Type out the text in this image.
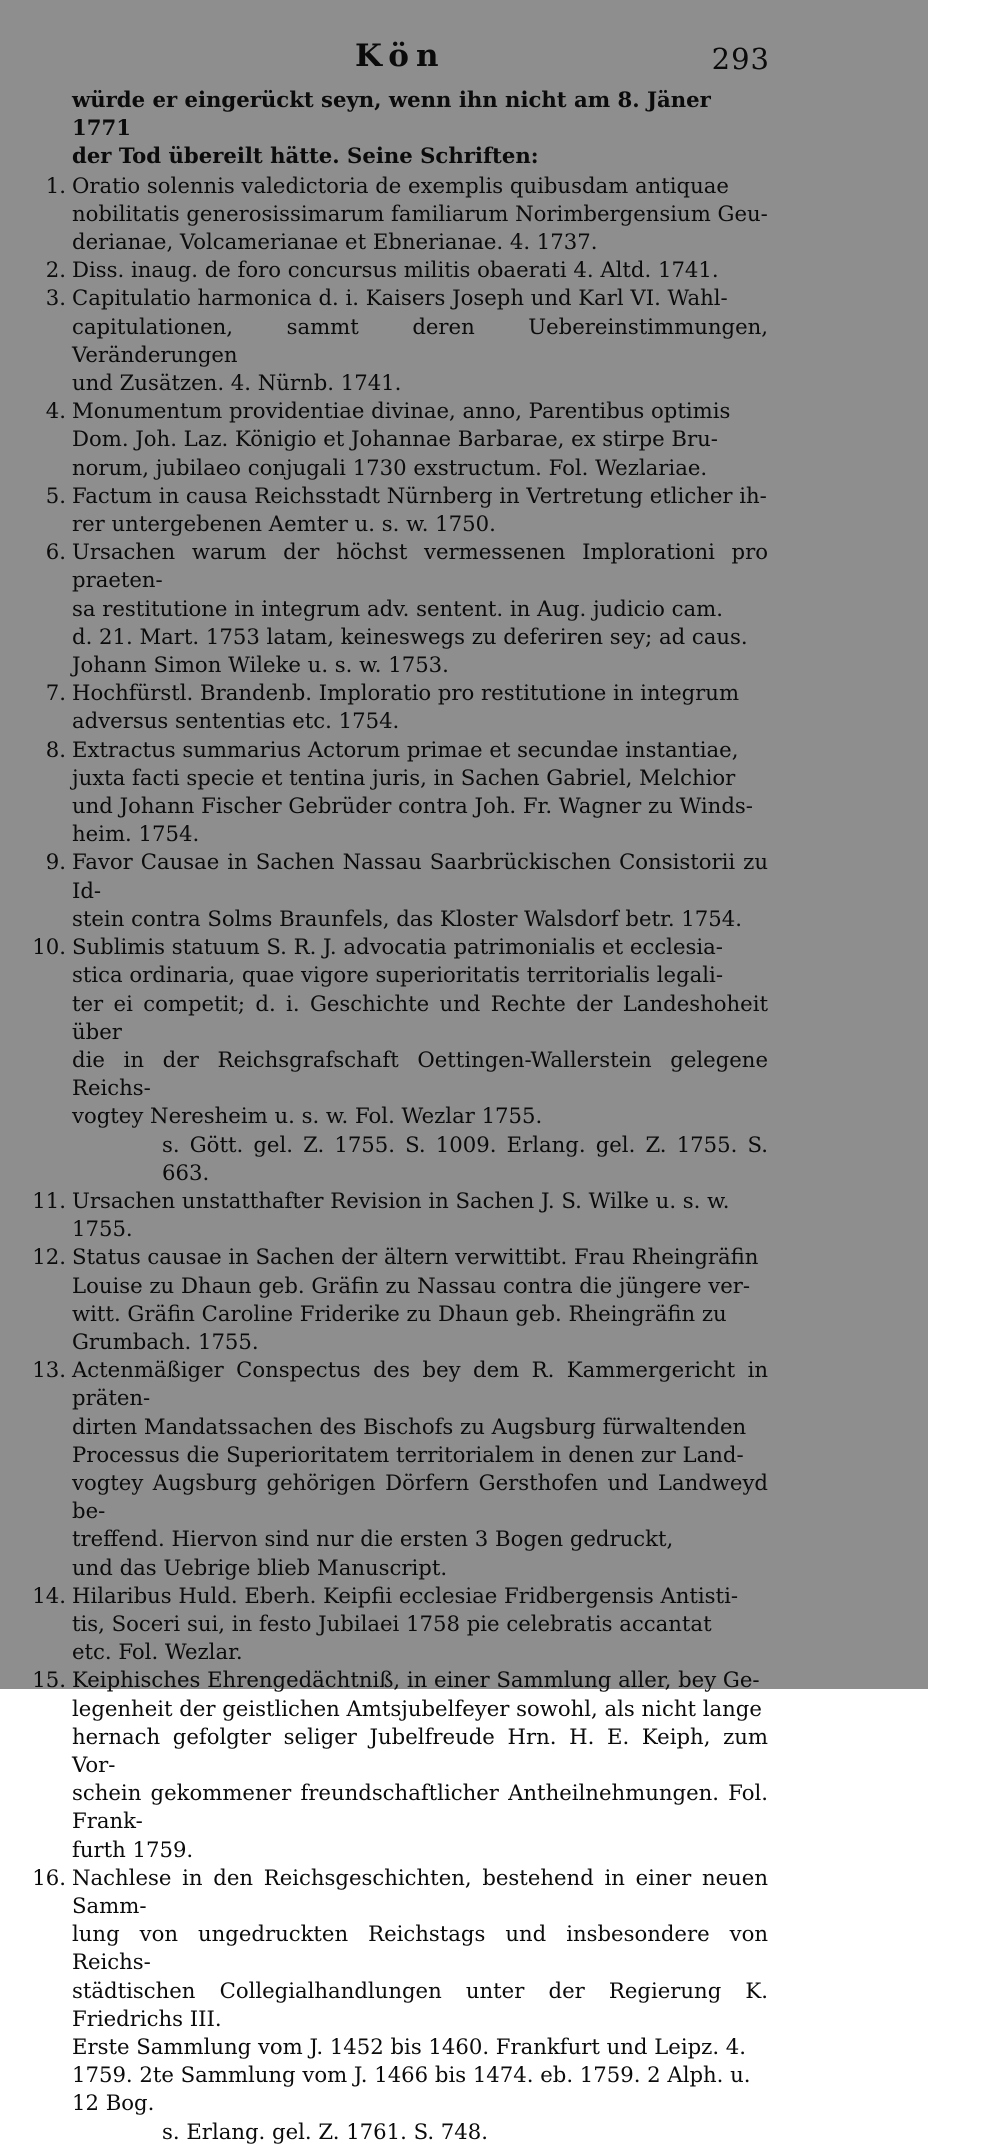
Kön	293
würde er eingerückt seyn, wenn ihn nicht am 8. Jäner 1771
der Tod übereilt hätte. Seine Schriften:
1. Oratio solennis valedictoria de exemplis quibusdam antiquae
nobilitatis generosissimarum familiarum Norimbergensium Geu-
derianae, Volcamerianae et Ebnerianae. 4. 1737.
2. Diss. inaug. de foro concursus militis obaerati 4. Altd. 1741.
3. Capitulatio harmonica d. i. Kaisers Joseph und Karl VI. Wahl-
capitulationen, sammt deren Uebereinstimmungen, Veränderungen
und Zusätzen. 4. Nürnb. 1741.
4. Monumentum providentiae divinae, anno, Parentibus optimis
Dom. Joh. Laz. Königio et Johannae Barbarae, ex stirpe Bru-
norum, jubilaeo conjugali 1730 exstructum. Fol. Wezlariae.
5. Factum in causa Reichsstadt Nürnberg in Vertretung etlicher ih-
rer untergebenen Aemter u. s. w. 1750.
6. Ursachen warum der höchst vermessenen Implorationi pro praeten-
sa restitutione in integrum adv. sentent. in Aug. judicio cam.
d. 21. Mart. 1753 latam, keineswegs zu deferiren sey; ad caus.
Johann Simon Wileke u. s. w. 1753.
7. Hochfürstl. Brandenb. Imploratio pro restitutione in integrum
adversus sententias etc. 1754.
8. Extractus summarius Actorum primae et secundae instantiae,
juxta facti specie et tentina juris, in Sachen Gabriel, Melchior
und Johann Fischer Gebrüder contra Joh. Fr. Wagner zu Winds-
heim. 1754.
9. Favor Causae in Sachen Nassau Saarbrückischen Consistorii zu Id-
stein contra Solms Braunfels, das Kloster Walsdorf betr. 1754.
10. Sublimis statuum S. R. J. advocatia patrimonialis et ecclesia-
stica ordinaria, quae vigore superioritatis territorialis legali-
ter ei competit; d. i. Geschichte und Rechte der Landeshoheit über
die in der Reichsgrafschaft Oettingen-Wallerstein gelegene Reichs-
vogtey Neresheim u. s. w. Fol. Wezlar 1755.
s. Gött. gel. Z. 1755. S. 1009. Erlang. gel. Z. 1755. S. 663.
11. Ursachen unstatthafter Revision in Sachen J. S. Wilke u. s. w.
1755.
12. Status causae in Sachen der ältern verwittibt. Frau Rheingräfin
Louise zu Dhaun geb. Gräfin zu Nassau contra die jüngere ver-
witt. Gräfin Caroline Friderike zu Dhaun geb. Rheingräfin zu
Grumbach. 1755.
13. Actenmäßiger Conspectus des bey dem R. Kammergericht in präten-
dirten Mandatssachen des Bischofs zu Augsburg fürwaltenden
Processus die Superioritatem territorialem in denen zur Land-
vogtey Augsburg gehörigen Dörfern Gersthofen und Landweyd be-
treffend. Hiervon sind nur die ersten 3 Bogen gedruckt,
und das Uebrige blieb Manuscript.
14. Hilaribus Huld. Eberh. Keipfii ecclesiae Fridbergensis Antisti-
tis, Soceri sui, in festo Jubilaei 1758 pie celebratis accantat
etc. Fol. Wezlar.
15. Keiphisches Ehrengedächtniß, in einer Sammlung aller, bey Ge-
legenheit der geistlichen Amtsjubelfeyer sowohl, als nicht lange
hernach gefolgter seliger Jubelfreude Hrn. H. E. Keiph, zum Vor-
schein gekommener freundschaftlicher Antheilnehmungen. Fol. Frank-
furth 1759.
16. Nachlese in den Reichsgeschichten, bestehend in einer neuen Samm-
lung von ungedruckten Reichstags und insbesondere von Reichs-
städtischen Collegialhandlungen unter der Regierung K. Friedrichs III.
Erste Sammlung vom J. 1452 bis 1460. Frankfurt und Leipz. 4.
1759. 2te Sammlung vom J. 1466 bis 1474. eb. 1759. 2 Alph. u.
12 Bog.
s. Erlang. gel. Z. 1761. S. 748.
